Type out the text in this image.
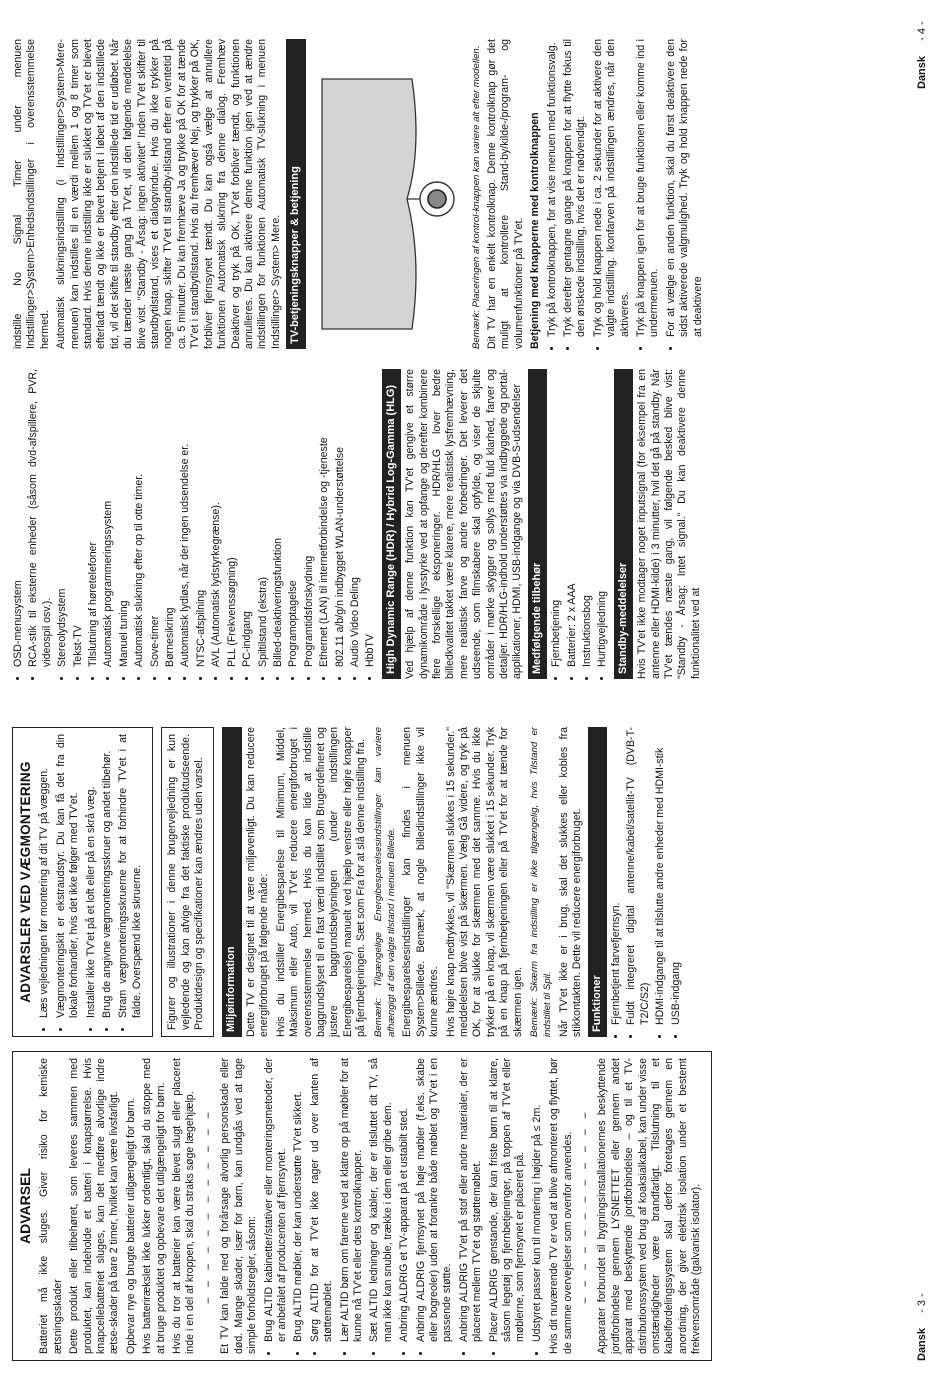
ADVARSEL Batteriet må ikke sluges. Giver risiko for kemiske ætsningsskader Dette produkt eller tilbehøret, som leveres sammen med produktet, kan indeholde et batteri i knapstørrelse. Hvis knapcellebatteriet sluges, kan det medføre alvorlige indre ætse-skader på bare 2 timer, hvilket kan være livsfarligt. Opbevar nye og brugte batterier utilgængeligt for børn. Hvis batterirækslet ikke lukker ordentligt, skal du stoppe med at bruge produktet og opbevare det utilgængeligt for børn. Hvis du tror at batterier kan være blevet slugt eller placeret inde i en del af kroppen, skal du straks søge lægehjælp. – – – – – – – – – – – – Et TV kan falde ned og forårsage alvorlig personskade eller død. Mange skader, især for børn, kan undgås ved at tage simple forholdsregler, såsom: • Brug ALTID kabinetter/stativer eller monteringsmetoder, der er anbefalet af producenten af fjernsynet. • Brug ALTID møbler, der kan understøtte TV'et sikkert. • Sørg ALTID for at TV'et ikke rager ud over kanten af støttemøblet. • Lær ALTID børn om farerne ved at klatre op på møbler for at kunne nå TV'et eller dets kontrolknapper. • Sæt ALTID ledninger og kabler, der er tilsluttet dit TV, så man ikke kan snuble, trække i dem eller gribe dem. • Anbring ALDRIG et TV-apparat på et ustabilt sted. • Anbring ALDRIG fjernsynet på høje møbler (f.eks. skabe eller bogreoler) uden at forankre både møblet og TV'et i en passende støtte. • Anbring ALDRIG TV'et på stof eller andre materialer, der er placeret mellem TV'et og støttemøblet. • Placer ALDRIG genstande, der kan friste børn til at klatre, såsom legetøj og fjernbetjeninger, på toppen af TV'et eller møblerne, som fjernsynet er placeret på. • Udstyret passer kun til montering i højder på ≤ 2m. Hvis dit nuværende TV er ved at blive afmonteret og flyttet, bør de samme overvejelser som ovenfor anvendes. – – – – – – – – – – – – Apparater forbundet til bygningsinstallationernes beskyttende jordforbindelse gennem LYSNETTET eller gennem andet apparat med beskyttende jordforbindelse – og til et TV-distributionssystem ved brug af koaksialkabel, kan under visse omstændigheder være brandfarligt. Tilslutning til et kabelfordelingssystem skal derfor foretages gennem en anordning, der giver elektrisk isolation under et bestemt frekvensområde (galvanisk isolator).

ADVARSLER VED VÆGMONTERING • Læs vejledningen før montering af dit TV på væggen. • Vægmonteringskit er ekstraudstyr. Du kan få det fra din lokale forhandler, hvis det ikke følger med TV'et. • Installer ikke TV'et på et loft eller på en skrå væg. • Brug de angivne vægmonteringsskruer og andet tilbehør. • Stram vægmonteringsskruerne for at forhindre TV'et i at falde. Overspænd ikke skruerne. Figurer og illustrationer i denne brugervejledning er kun vejledende og kan afvige fra det faktiske produktudseende. Produktdesign og specifikationer kan ændres uden varsel. Miljøinformation Dette TV er designet til at være miljøvenligt. Du kan reducere energiforbruget på følgende måde: Hvis du indstiller Energibesparelse til Minimum, Middel, Maksimum eller Auto, vil TV'et reducere energiforbruget i overensstemmelse hermed. Hvis du kan lide at indstille baggrundslyset til en fast værdi indstillet som Brugerdefineret og justere baggrundsbelysningen (under indstillingen Energibesparelse) manuelt ved hjælp venstre eller højre knapper på fjernbetjeningen. Sæt som Fra for at slå denne indstilling fra. Bemærk: Tilgængelige Energibesparelsesindstillinger kan variere afhængigt af den valgte tilstand i menuen Billede. Energibesparelsesindstillinger kan findes i menuen System>Billede. Bemærk, at nogle billedindstillinger ikke vil kunne ændres. Hvis højre knap nedtrykkes, vil "Skærmen slukkes i 15 sekunder." meddelelsen blive vist på skærmen. Vælg Gå videre, og tryk på OK, for at slukke for skærmen med det samme. Hvis du ikke trykker på en knap, vil skærmen være slukket i 15 sekunder. Tryk på en knap på fjernbetjeningen eller på TV'et for at tænde for skærmen igen. Bemærk: Skærm fra indstilling er ikke tilgængelig, hvis Tilstand er indstillet til Spil. Når TV'et ikke er i brug, skal det slukkes eller kobles fra stikkontakten. Dette vil reducere energiforbruget. Funktioner • Fjernbetjent farvefjernsyn. • Fuldt integreret digital antenne/kabel/satellit-TV (DVB-T-T2/C/S2) • HDMI-indgange til at tilslutte andre enheder med HDMI-stik • USB-indgang
• OSD-menusystem • RCA-stik til eksterne enheder (såsom dvd-afspillere, PVR, videospil osv.). • Stereolydsystem • Tekst-TV • Tilslutning af høretelefoner • Automatisk programmeringssystem • Manuel tuning • Automatisk slukning efter op til otte timer. • Sove-timer • Børnesikring • Automatisk lydløs, når der ingen udsendelse er. • NTSC-afspilning • AVL (Automatisk lydstyrkegrænse). • PLL (Frekvenssøgning) • PC-indgang • Spiltilstand (ekstra) • Billed-deaktiveringsfunktion • Programoptagelse • Programtidsforskydning • Ethernet (LAN) til internetforbindelse og -tjeneste • 802.11 a/b/g/n indbygget WLAN-understøttelse • Audio Video Deling • HbbTV High Dynamic Range (HDR) / Hybrid Log-Gamma (HLG) Ved hjælp af denne funktion kan TV'et gengive et større dynamikområde i lysstyrke ved at opfange og derefter kombinere flere forskellige eksponeringer. HDR/HLG lover bedre billedkvalitet takket være klarere, mere realistisk lysfremhævning, mere realistisk farve og andre forbedringer. Det leverer det udseende, som filmskabere skal opfylde, og viser de skjulte områder i mørke skygger og sollys med fuld klarhed, farver og detaljer. HDR/HLG-indhold understøttes via indbyggede og portal-applikationer, HDMI, USB-indgange og via DVB-S-udsendelser Medfølgende tilbehør • Fjernbetjening • Batterier: 2 x AAA • Instruktionsbog • Hurtigvejledning Standby-meddelelser Hvis TV'et ikke modtager noget inputsignal (for eksempel fra en antenne eller HDMI-kilde) i 3 minutter, hvil det gå på standby. Når TV'et tændes næste gang, vil følgende besked blive vist: "Standby - Årsag: Intet signal." Du kan deaktivere denne funktionalitet ved at

indstille No Signal Timer under menuen Indstillinger>System>Enhedsindstillinger i overensstemmelse hermed. Automatisk slukningsindstilling (i Indstillinger>System>Mere-menuen) kan indstilles til en værdi mellem 1 og 8 timer som standard. Hvis denne indstilling ikke er slukket og TV'et er blevet efterladt tændt og ikke er blevet betjent i løbet af den indstillede tid, vil det skifte til standby efter den indstillede tid er udløbet. Når du tænder næste gang på TV'et, vil den følgende meddelelse blive vist. "Standby - Årsag: ingen aktivitet" Inden TV'et skifter til standbytilstand, vises et dialogvindue. Hvis du ikke trykker på nogen knap, skifter TV'et til standby-tilstand efter en ventetid på ca. 5 minutter. Du kan fremhæve Ja og trykke på OK for at tænde TV'et i standbytilstand. Hvis du fremhæver Nej, og trykker på OK, forbliver fjernsynet tændt. Du kan også vælge at annullere funktionen Automatisk slukning fra denne dialog. Fremhæv Deaktiver og tryk på OK, TV'et forbliver tændt, og funktionen annulleres. Du kan aktivere denne funktion igen ved at ændre indstillingen for funktionen Automatisk TV-slukning i menuen Indstillinger> System> Mere. TV-betjeningsknapper & betjening	Bemærk: Placeringen af kontrol-knappen kan variere alt efter modellen. Dit TV har en enkelt kontrolknap. Denne kontrolknap gør det muligt at kontrollere Stand-by/kilde-/program- og volumenfunktioner på TV'et. Betjening med knapperne med kontrolknappen • Tryk på kontrolknappen, for at vise menuen med funktionsvalg. • Tryk derefter gentagne gange på knappen for at flytte fokus til den ønskede indstilling, hvis det er nødvendigt. • Tryk og hold knappen nede i ca. 2 sekunder for at aktivere den valgte indstilling. Ikonfarven på indstillingen ændres, når den aktiveres. • Tryk på knappen igen for at bruge funktionen eller komme ind i undermenuen. • For at vælge en anden funktion, skal du først deaktivere den sidst aktiverede valgmulighed. Tryk og hold knappen nede for at deaktivere
Dansk - 3 -
Dansk - 4 -
